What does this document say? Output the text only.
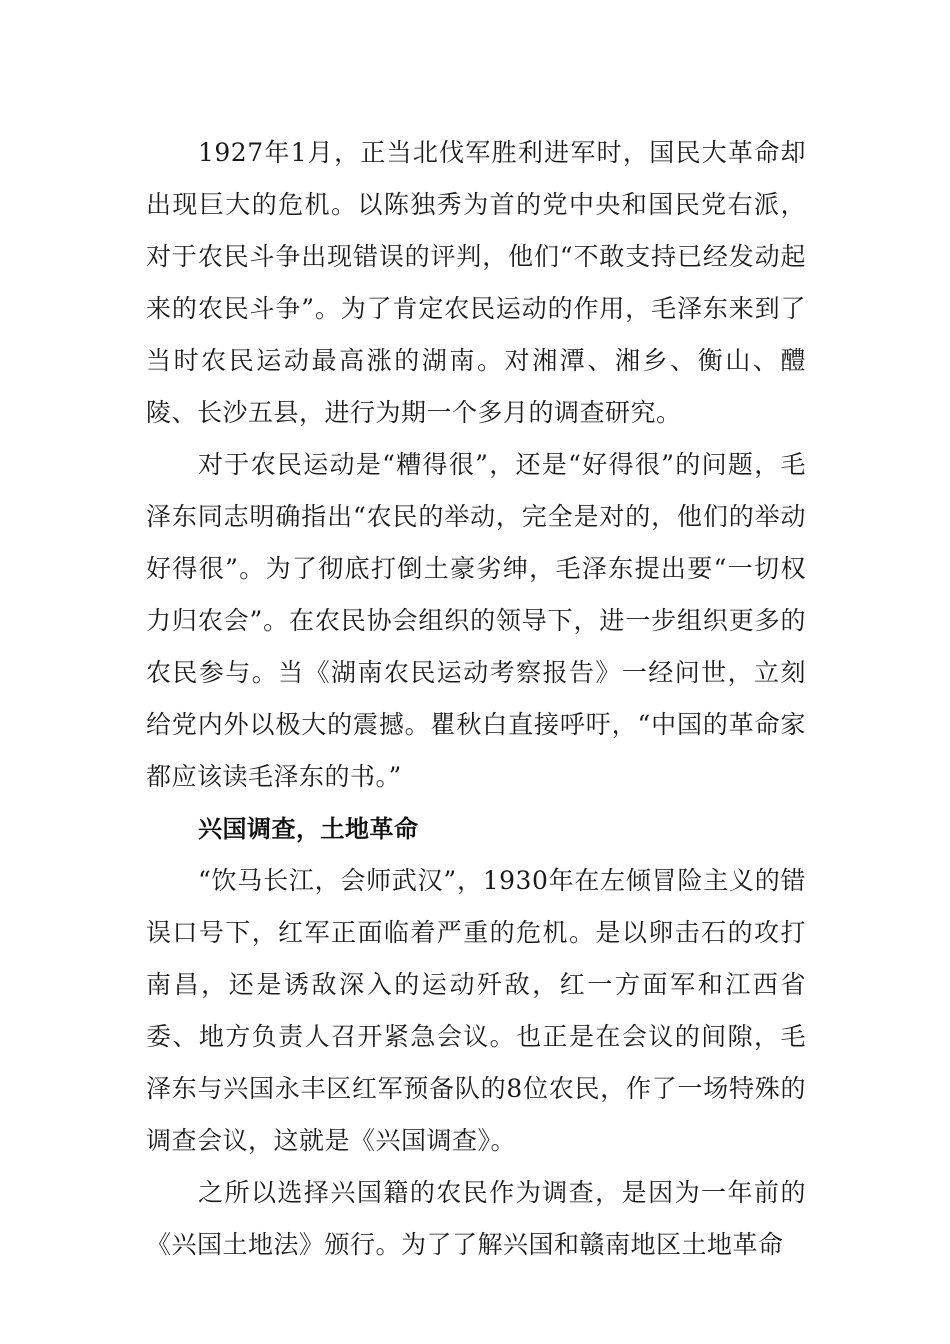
1927年1月，正当北伐军胜利进军时，国民大革命却出现巨大的危机。以陈独秀为首的党中央和国民党右派，对于农民斗争出现错误的评判，他们“不敢支持已经发动起来的农民斗争”。为了肯定农民运动的作用，毛泽东来到了当时农民运动最高涨的湖南。对湘潭、湘乡、衡山、醴陵、长沙五县，进行为期一个多月的调查研究。

对于农民运动是“糟得很”，还是“好得很”的问题，毛泽东同志明确指出“农民的举动，完全是对的，他们的举动好得很”。为了彻底打倒土豪劣绅，毛泽东提出要“一切权力归农会”。在农民协会组织的领导下，进一步组织更多的农民参与。当《湖南农民运动考察报告》一经问世，立刻给党内外以极大的震撼。瞿秋白直接呼吁，“中国的革命家都应该读毛泽东的书。”

兴国调查，土地革命

“饮马长江，会师武汉”，1930年在左倾冒险主义的错误口号下，红军正面临着严重的危机。是以卵击石的攻打南昌，还是诱敌深入的运动歼敌，红一方面军和江西省委、地方负责人召开紧急会议。也正是在会议的间隙，毛泽东与兴国永丰区红军预备队的8位农民，作了一场特殊的调查会议，这就是《兴国调查》。

之所以选择兴国籍的农民作为调查，是因为一年前的《兴国土地法》颁行。为了了解兴国和赣南地区土地革命
